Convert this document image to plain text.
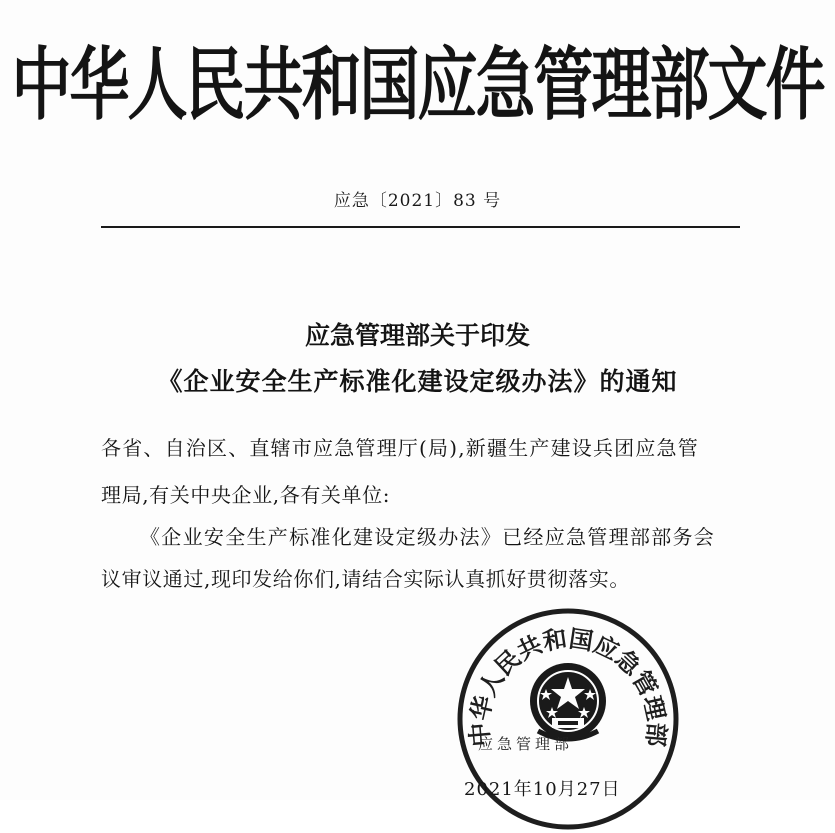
中华人民共和国应急管理部文件
应急〔2021〕83 号
应急管理部关于印发
《企业安全生产标准化建设定级办法》的通知
各省、自治区、直辖市应急管理厅(局),新疆生产建设兵团应急管
理局,有关中央企业,各有关单位:
《企业安全生产标准化建设定级办法》已经应急管理部部务会
议审议通过,现印发给你们,请结合实际认真抓好贯彻落实。
中华人民共和国应急管理部
应急管理部
2021年10月27日
